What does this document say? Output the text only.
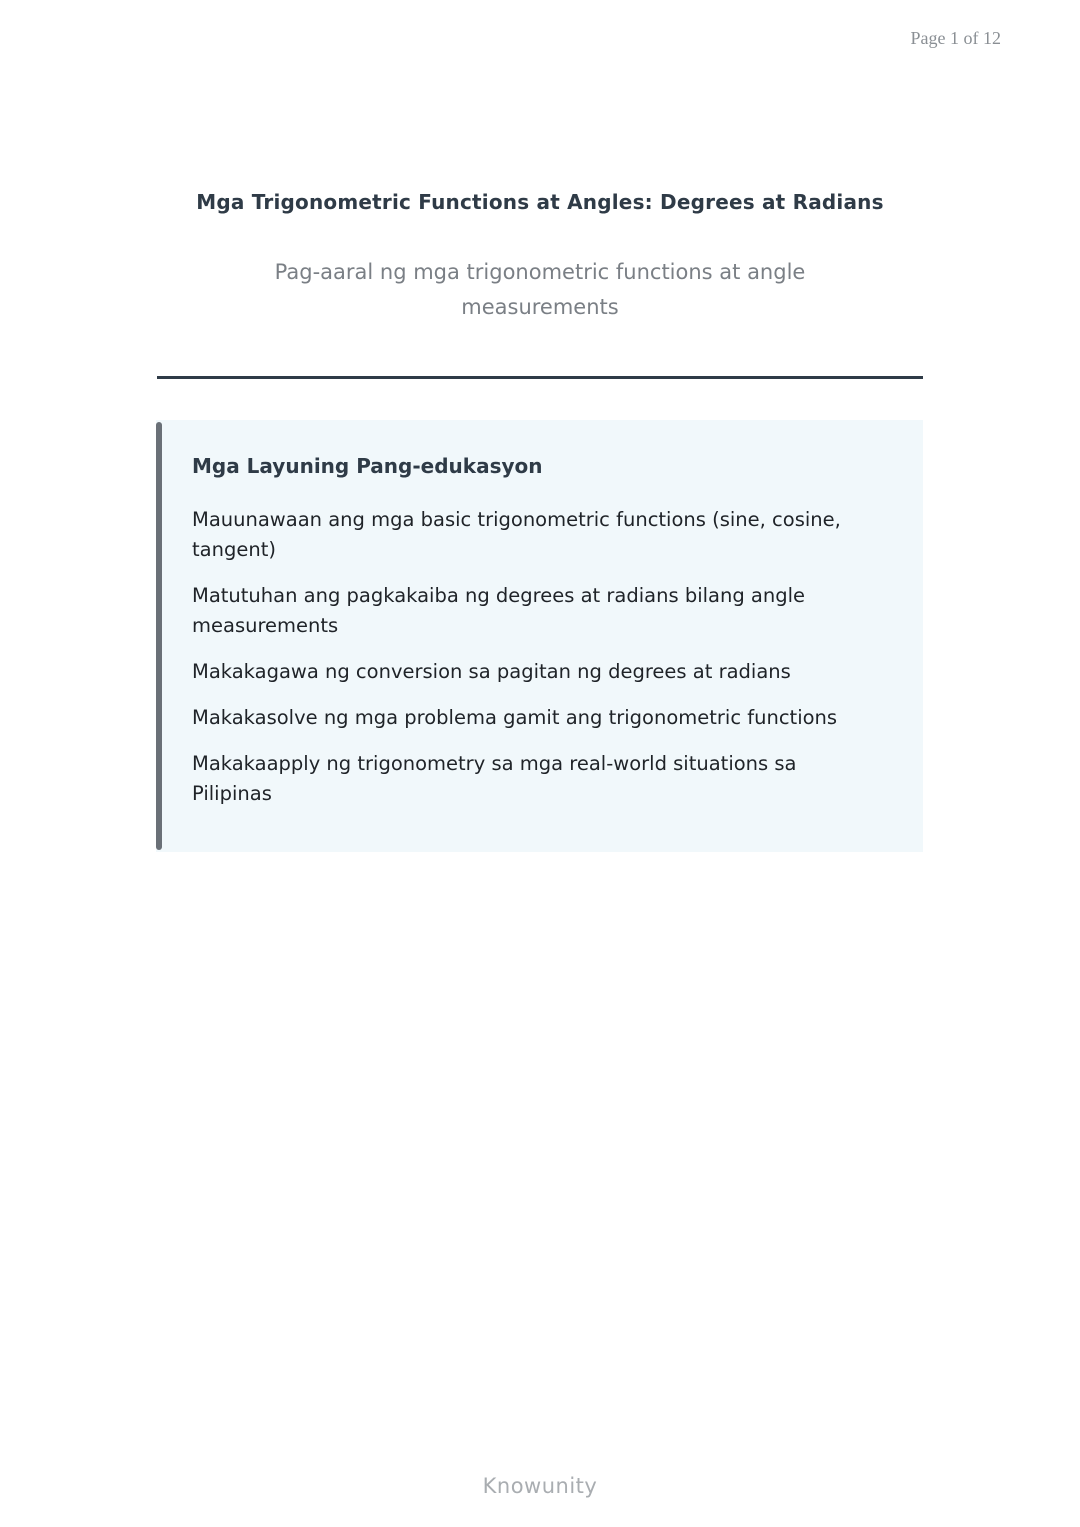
Page 1 of 12
Mga Trigonometric Functions at Angles: Degrees at Radians
Pag-aaral ng mga trigonometric functions at angle measurements
Mga Layuning Pang-edukasyon
Mauunawaan ang mga basic trigonometric functions (sine, cosine, tangent)
Matutuhan ang pagkakaiba ng degrees at radians bilang angle measurements
Makakagawa ng conversion sa pagitan ng degrees at radians
Makakasolve ng mga problema gamit ang trigonometric functions
Makakaapply ng trigonometry sa mga real-world situations sa Pilipinas
Knowunity
